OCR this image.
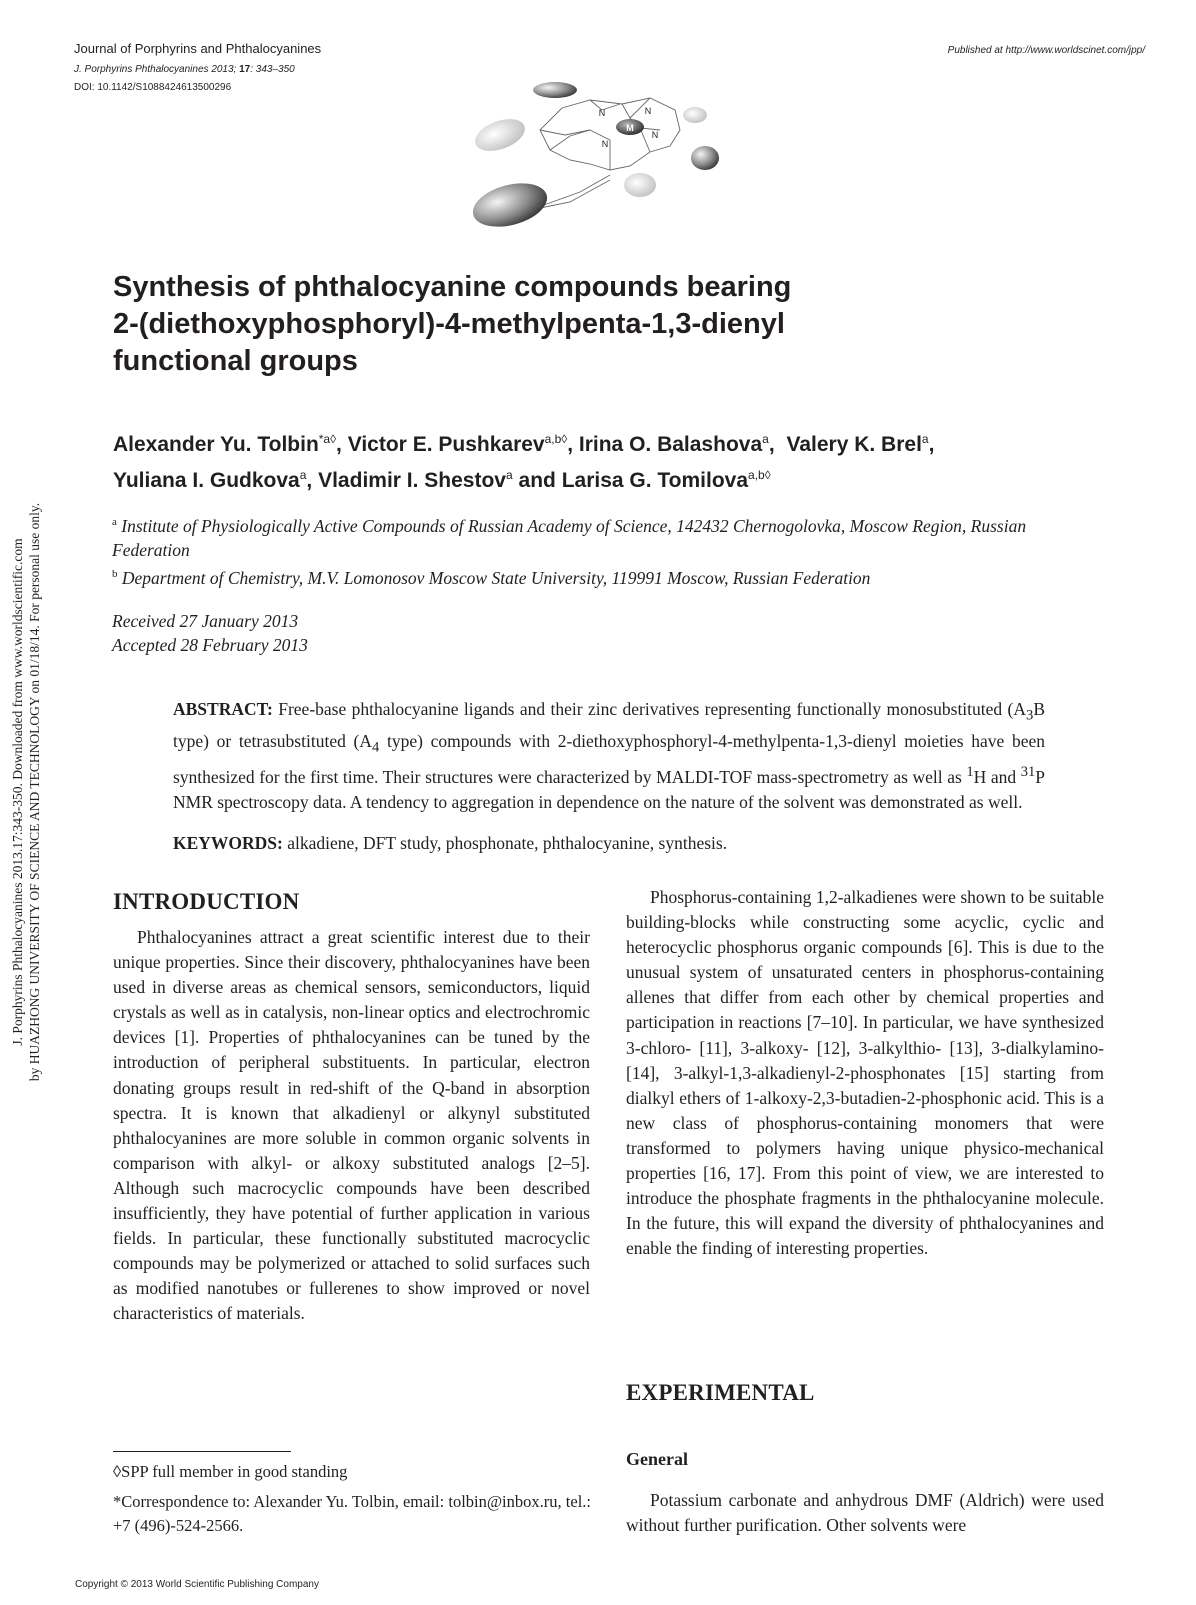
Journal of Porphyrins and Phthalocyanines
J. Porphyrins Phthalocyanines 2013; 17: 343–350
DOI: 10.1142/S1088424613500296
Published at http://www.worldscinet.com/jpp/
M
N	N
N
N
J. Porphyrins Phthalocyanines 2013.17:343-350. Downloaded from www.worldscientific.com by HUAZHONG UNIVERSITY OF SCIENCE AND TECHNOLOGY on 01/18/14. For personal use only.
Synthesis of phthalocyanine compounds bearing
2-(diethoxyphosphoryl)-4-methylpenta-1,3-dienyl
functional groups
Alexander Yu. Tolbin$^{*a◊}$, Victor E. Pushkarev$^{a,b◊}$, Irina O. Balashova$^a$, Valery K. Brel$^a$,
Yuliana I. Gudkova$^a$, Vladimir I. Shestov$^a$ and Larisa G. Tomilova$^{a,b◊}$

$^a$ Institute of Physiologically Active Compounds of Russian Academy of Science, 142432 Chernogolovka, Moscow Region, Russian Federation

$^b$ Department of Chemistry, M.V. Lomonosov Moscow State University, 119991 Moscow, Russian Federation

Received 27 January 2013
Accepted 28 February 2013
ABSTRACT: Free-base phthalocyanine ligands and their zinc derivatives representing functionally monosubstituted ($A_3B$ type) or tetrasubstituted ($A_4$ type) compounds with 2-diethoxyphosphoryl-4-methylpenta-1,3-dienyl moieties have been synthesized for the first time. Their structures were characterized by MALDI-TOF mass-spectrometry as well as $^1$H and $^{31}$P NMR spectroscopy data. A tendency to aggregation in dependence on the nature of the solvent was demonstrated as well.
KEYWORDS: alkadiene, DFT study, phosphonate, phthalocyanine, synthesis.
INTRODUCTION

Phthalocyanines attract a great scientific interest due to their unique properties. Since their discovery, phthalocyanines have been used in diverse areas as chemical sensors, semiconductors, liquid crystals as well as in catalysis, non-linear optics and electrochromic devices [1]. Properties of phthalocyanines can be tuned by the introduction of peripheral substituents. In particular, electron donating groups result in red-shift of the Q-band in absorption spectra. It is known that alkadienyl or alkynyl substituted phthalocyanines are more soluble in common organic solvents in comparison with alkyl- or alkoxy substituted analogs [2–5]. Although such macrocyclic compounds have been described insufficiently, they have potential of further application in various fields. In particular, these functionally substituted macrocyclic compounds may be polymerized or attached to solid surfaces such as modified nanotubes or fullerenes to show improved or novel characteristics of materials.

Phosphorus-containing 1,2-alkadienes were shown to be suitable building-blocks while constructing some acyclic, cyclic and heterocyclic phosphorus organic compounds [6]. This is due to the unusual system of unsaturated centers in phosphorus-containing allenes that differ from each other by chemical properties and participation in reactions [7–10]. In particular, we have synthesized 3-chloro- [11], 3-alkoxy- [12], 3-alkylthio- [13], 3-dialkylamino- [14], 3-alkyl-1,3-alkadienyl-2-phosphonates [15] starting from dialkyl ethers of 1-alkoxy-2,3-butadien-2-phosphonic acid. This is a new class of phosphorus-containing monomers that were transformed to polymers having unique physico-mechanical properties [16, 17]. From this point of view, we are interested to introduce the phosphate fragments in the phthalocyanine molecule. In the future, this will expand the diversity of phthalocyanines and enable the finding of interesting properties.

EXPERIMENTAL
General

Potassium carbonate and anhydrous DMF (Aldrich) were used without further purification. Other solvents were

◊SPP full member in good standing
*Correspondence to: Alexander Yu. Tolbin, email: tolbin@inbox.ru, tel.: +7 (496)-524-2566.
Copyright © 2013 World Scientific Publishing Company
